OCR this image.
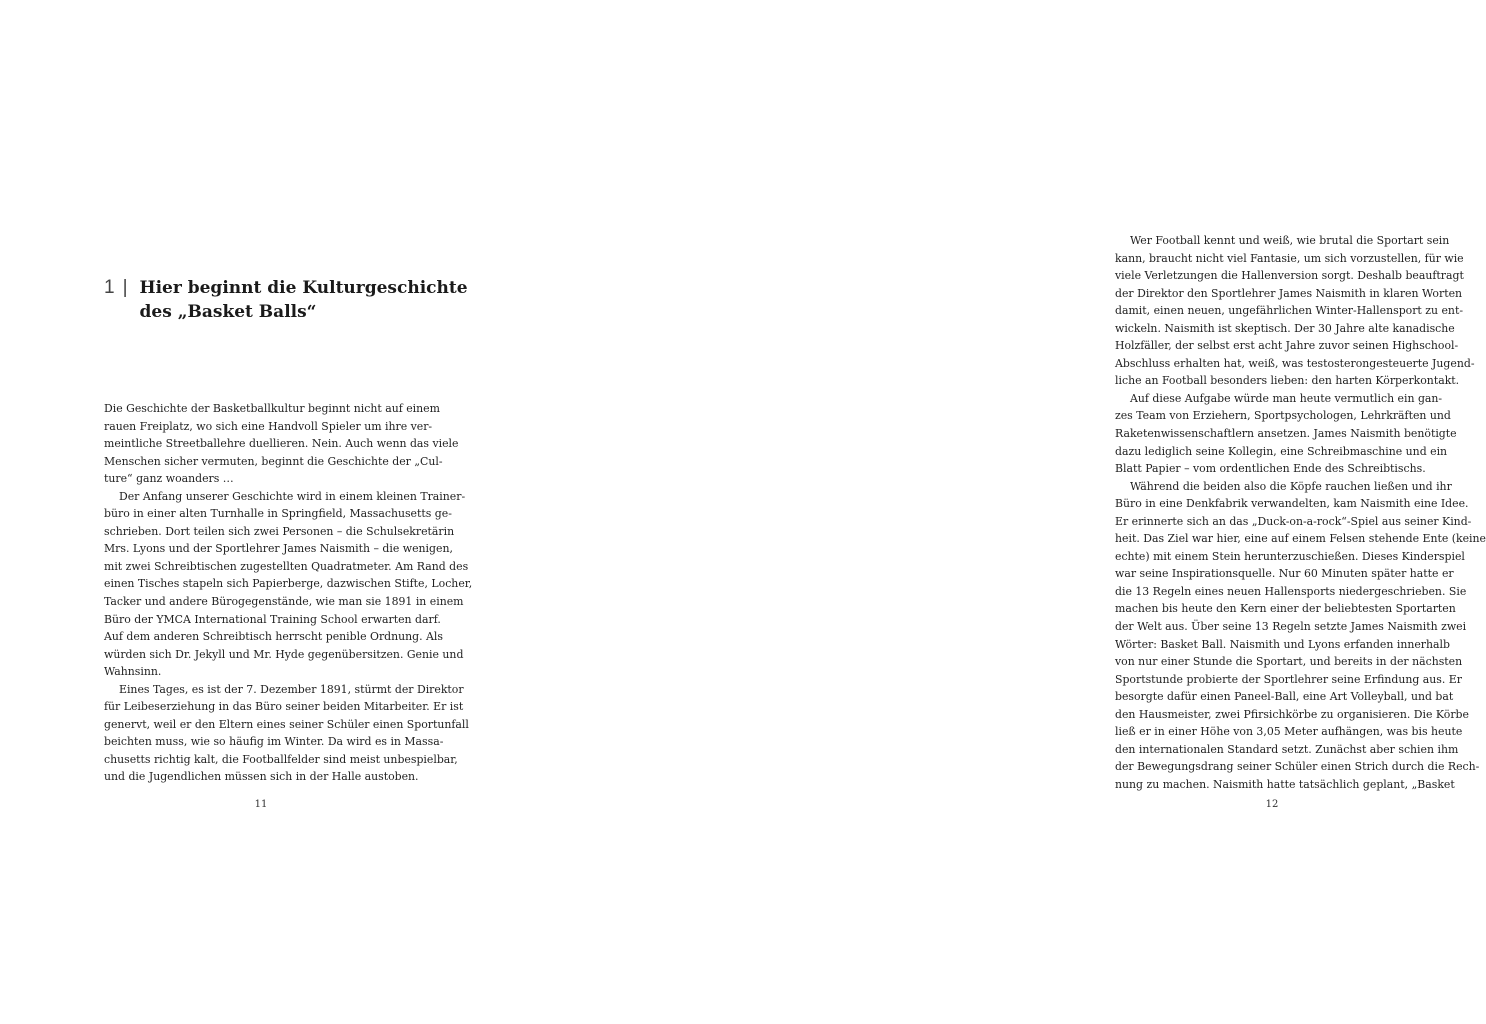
1 | Hier beginnt die Kulturgeschichte
des „Basket Balls“
Die Geschichte der Basketballkultur beginnt nicht auf einem
rauen Freiplatz, wo sich eine Handvoll Spieler um ihre ver-
meintliche Streetballehre duellieren. Nein. Auch wenn das viele
Menschen sicher vermuten, beginnt die Geschichte der „Cul-
ture“ ganz woanders …
Der Anfang unserer Geschichte wird in einem kleinen Trainer-
büro in einer alten Turnhalle in Springfield, Massachusetts ge-
schrieben. Dort teilen sich zwei Personen – die Schulsekretärin
Mrs. Lyons und der Sportlehrer James Naismith – die wenigen,
mit zwei Schreibtischen zugestellten Quadratmeter. Am Rand des
einen Tisches stapeln sich Papierberge, dazwischen Stifte, Locher,
Tacker und andere Bürogegenstände, wie man sie 1891 in einem
Büro der YMCA International Training School erwarten darf.
Auf dem anderen Schreibtisch herrscht penible Ordnung. Als
würden sich Dr. Jekyll und Mr. Hyde gegenübersitzen. Genie und
Wahnsinn.
Eines Tages, es ist der 7. Dezember 1891, stürmt der Direktor
für Leibeserziehung in das Büro seiner beiden Mitarbeiter. Er ist
genervt, weil er den Eltern eines seiner Schüler einen Sportunfall
beichten muss, wie so häufig im Winter. Da wird es in Massa-
chusetts richtig kalt, die Footballfelder sind meist unbespielbar,
und die Jugendlichen müssen sich in der Halle austoben.
11
Wer Football kennt und weiß, wie brutal die Sportart sein
kann, braucht nicht viel Fantasie, um sich vorzustellen, für wie
viele Verletzungen die Hallenversion sorgt. Deshalb beauftragt
der Direktor den Sportlehrer James Naismith in klaren Worten
damit, einen neuen, ungefährlichen Winter-Hallensport zu ent-
wickeln. Naismith ist skeptisch. Der 30 Jahre alte kanadische
Holzfäller, der selbst erst acht Jahre zuvor seinen Highschool-
Abschluss erhalten hat, weiß, was testosterongesteuerte Jugend-
liche an Football besonders lieben: den harten Körperkontakt.
Auf diese Aufgabe würde man heute vermutlich ein gan-
zes Team von Erziehern, Sportpsychologen, Lehrkräften und
Raketenwissenschaftlern ansetzen. James Naismith benötigte
dazu lediglich seine Kollegin, eine Schreibmaschine und ein
Blatt Papier – vom ordentlichen Ende des Schreibtischs.
Während die beiden also die Köpfe rauchen ließen und ihr
Büro in eine Denkfabrik verwandelten, kam Naismith eine Idee.
Er erinnerte sich an das „Duck-on-a-rock“-Spiel aus seiner Kind-
heit. Das Ziel war hier, eine auf einem Felsen stehende Ente (keine
echte) mit einem Stein herunterzuschießen. Dieses Kinderspiel
war seine Inspirationsquelle. Nur 60 Minuten später hatte er
die 13 Regeln eines neuen Hallensports niedergeschrieben. Sie
machen bis heute den Kern einer der beliebtesten Sportarten
der Welt aus. Über seine 13 Regeln setzte James Naismith zwei
Wörter: Basket Ball. Naismith und Lyons erfanden innerhalb
von nur einer Stunde die Sportart, und bereits in der nächsten
Sportstunde probierte der Sportlehrer seine Erfindung aus. Er
besorgte dafür einen Paneel-Ball, eine Art Volleyball, und bat
den Hausmeister, zwei Pfirsichkörbe zu organisieren. Die Körbe
ließ er in einer Höhe von 3,05 Meter aufhängen, was bis heute
den internationalen Standard setzt. Zunächst aber schien ihm
der Bewegungsdrang seiner Schüler einen Strich durch die Rech-
nung zu machen. Naismith hatte tatsächlich geplant, „Basket
12
